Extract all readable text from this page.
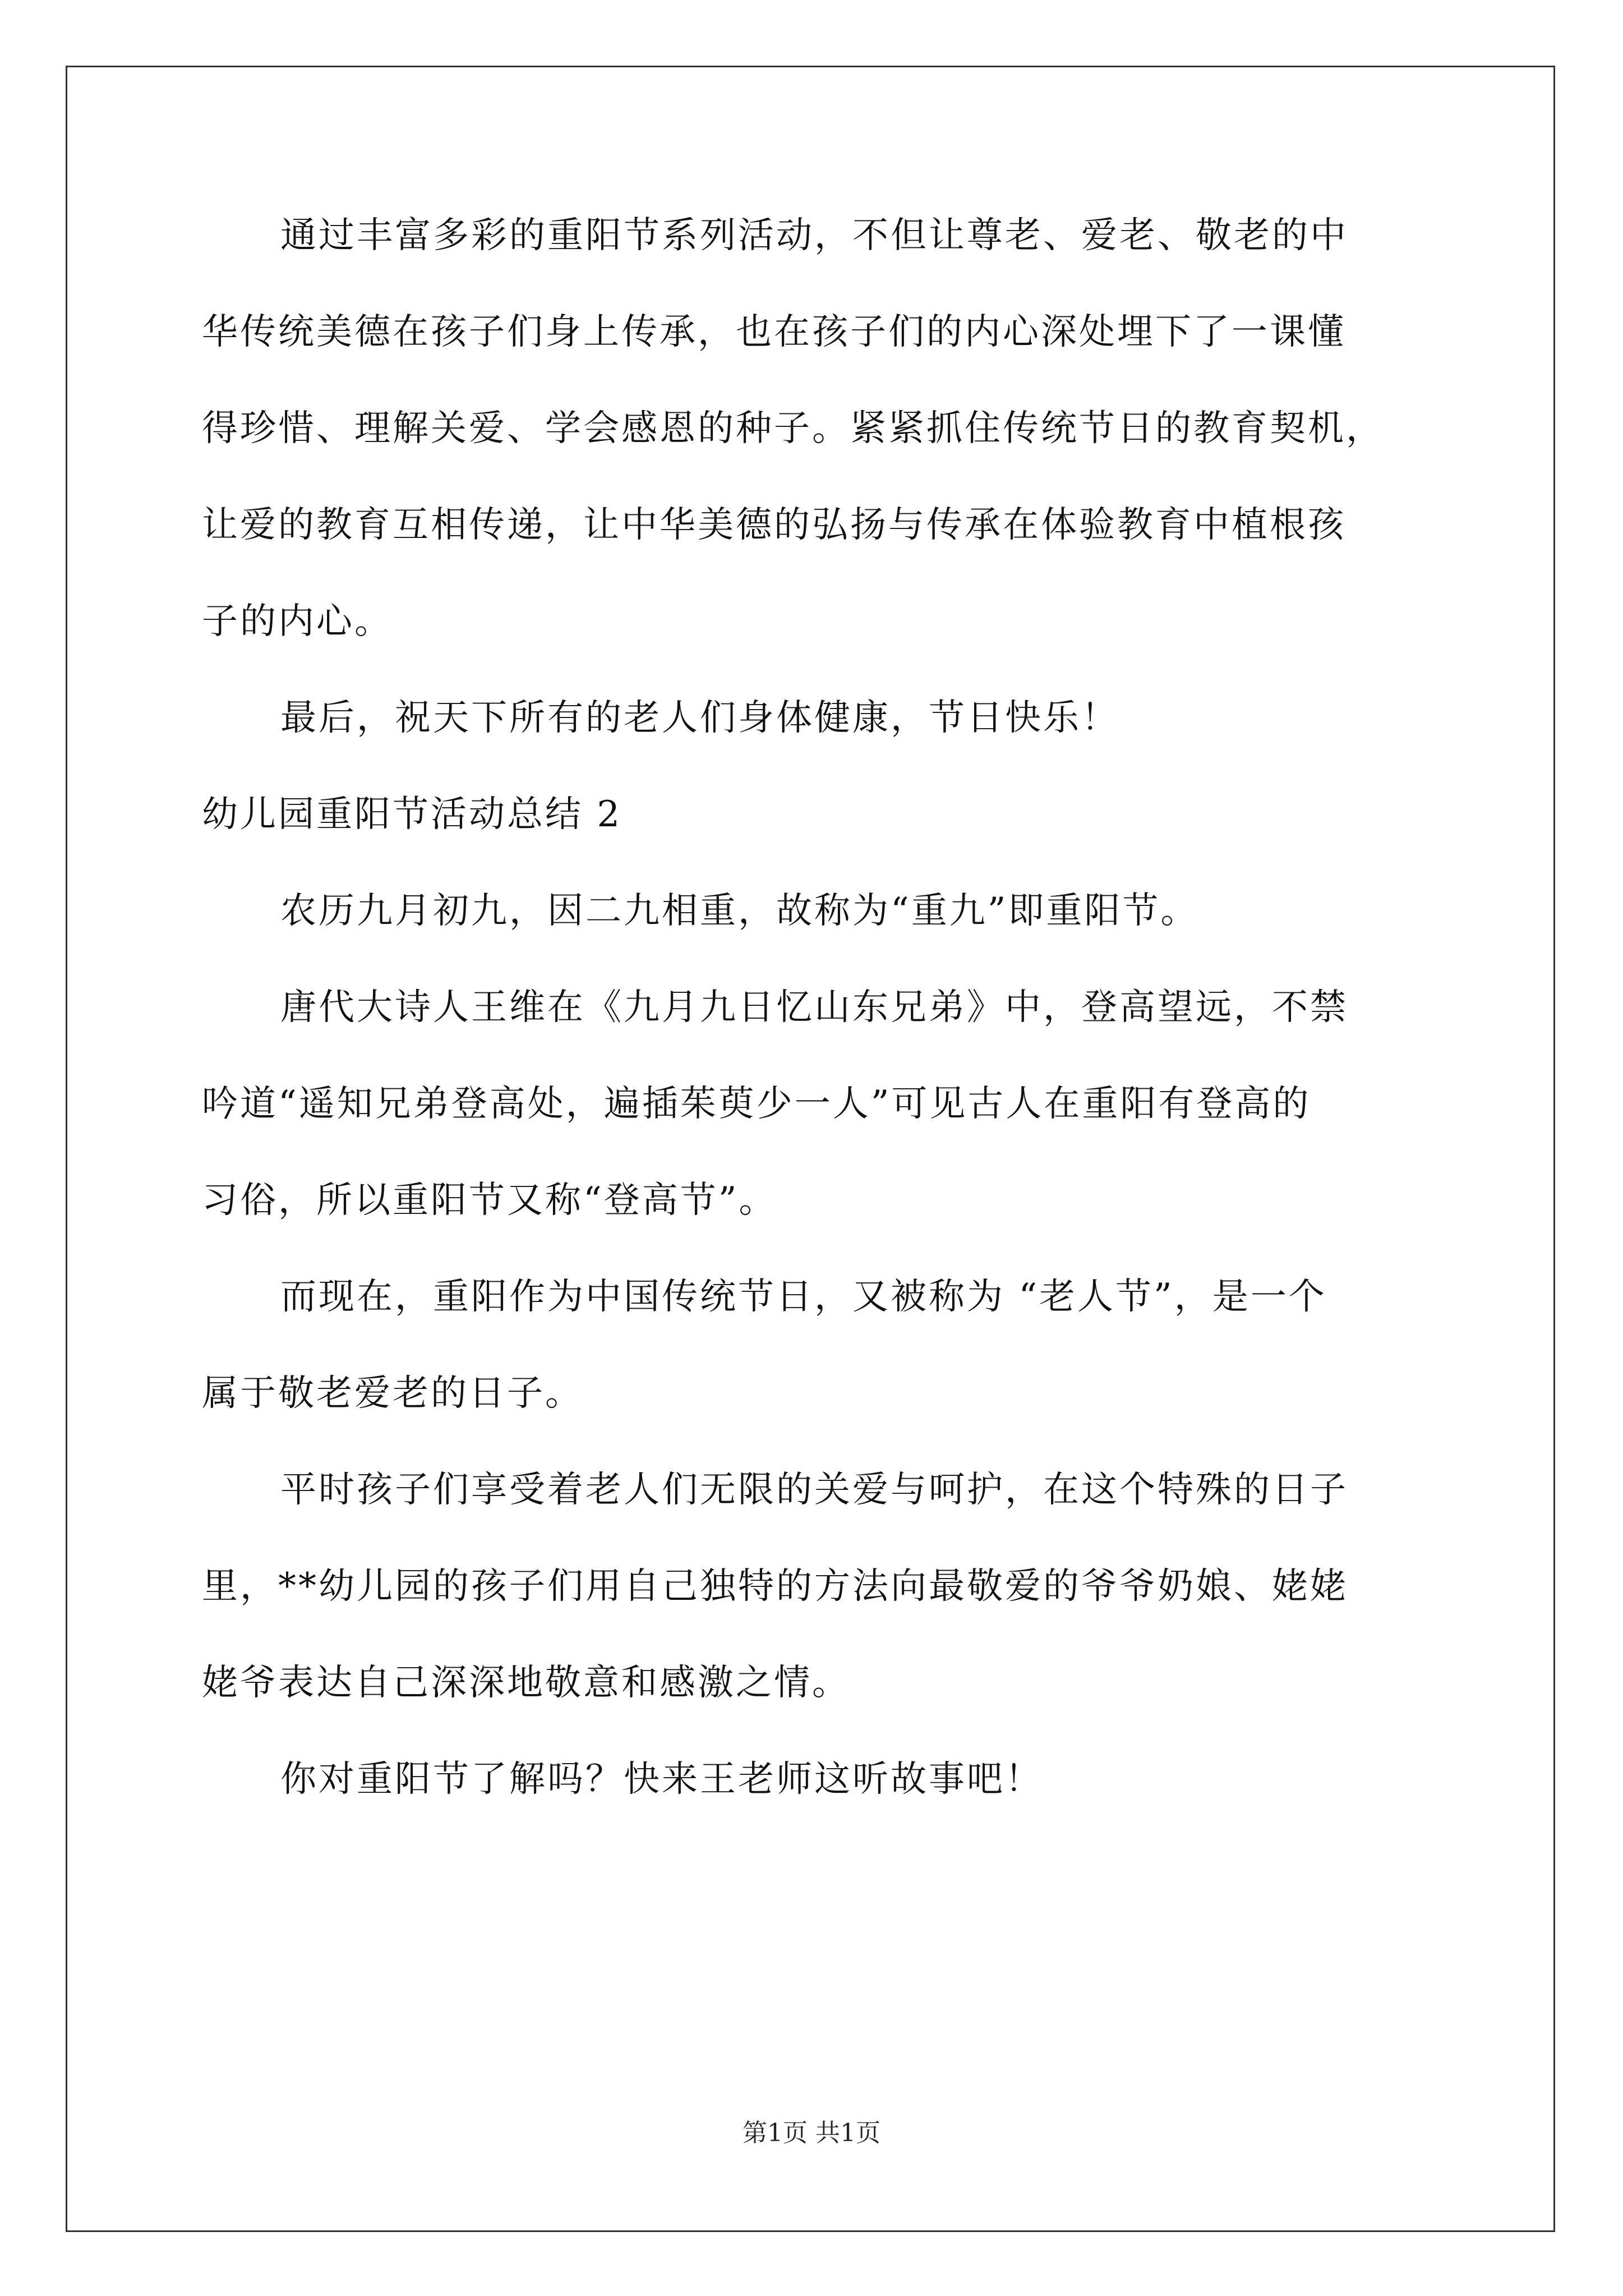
通过丰富多彩的重阳节系列活动，不但让尊老、爱老、敬老的中
华传统美德在孩子们身上传承，也在孩子们的内心深处埋下了一课懂
得珍惜、理解关爱、学会感恩的种子。紧紧抓住传统节日的教育契机，
让爱的教育互相传递，让中华美德的弘扬与传承在体验教育中植根孩
子的内心。
最后，祝天下所有的老人们身体健康，节日快乐！
幼儿园重阳节活动总结 2
农历九月初九，因二九相重，故称为“重九”即重阳节。
唐代大诗人王维在《九月九日忆山东兄弟》中，登高望远，不禁
吟道“遥知兄弟登高处，遍插茱萸少一人”可见古人在重阳有登高的
习俗，所以重阳节又称“登高节”。
而现在，重阳作为中国传统节日，又被称为 “老人节”，是一个
属于敬老爱老的日子。
平时孩子们享受着老人们无限的关爱与呵护，在这个特殊的日子
里，**幼儿园的孩子们用自己独特的方法向最敬爱的爷爷奶娘、姥姥
姥爷表达自己深深地敬意和感激之情。
你对重阳节了解吗？快来王老师这听故事吧！
第1页 共1页
